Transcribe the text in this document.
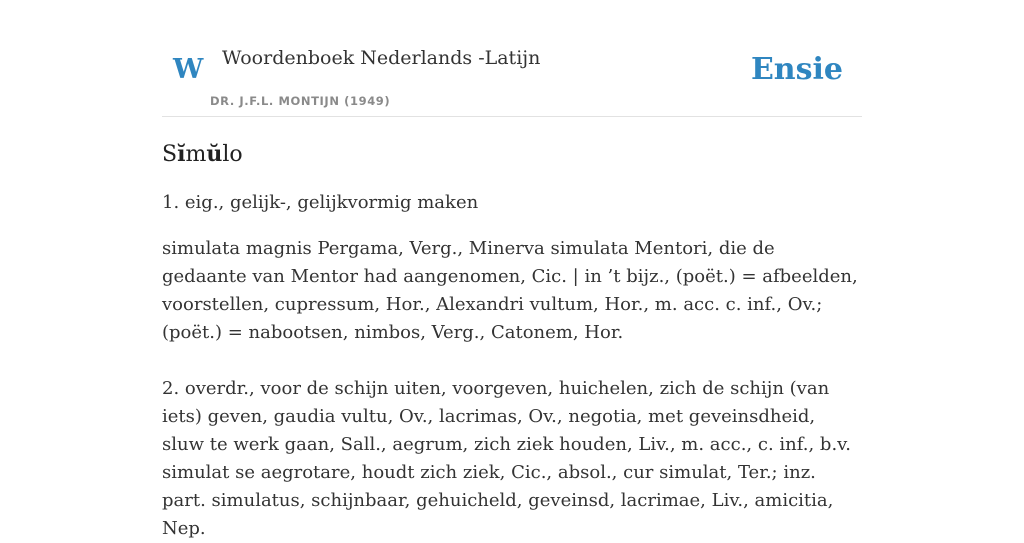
W Woordenboek Nederlands -Latijn
DR. J.F.L. MONTIJN (1949)
Ensie
Sĭmŭlo

1. eig., gelijk-, gelijkvormig maken

simulata magnis Pergama, Verg., Minerva simulata Mentori, die de gedaante van Mentor had aangenomen, Cic. | in ’t bijz., (poët.) = afbeelden, voorstellen, cupressum, Hor., Alexandri vultum, Hor., m. acc. c. inf., Ov.; (poët.) = nabootsen, nimbos, Verg., Catonem, Hor.

2. overdr., voor de schijn uiten, voorgeven, huichelen, zich de schijn (van iets) geven, gaudia vultu, Ov., lacrimas, Ov., negotia, met geveinsdheid, sluw te werk gaan, Sall., aegrum, zich ziek houden, Liv., m. acc., c. inf., b.v. simulat se aegrotare, houdt zich ziek, Cic., absol., cur simulat, Ter.; inz. part. simulatus, schijnbaar, gehuicheld, geveinsd, lacrimae, Liv., amicitia, Nep.
